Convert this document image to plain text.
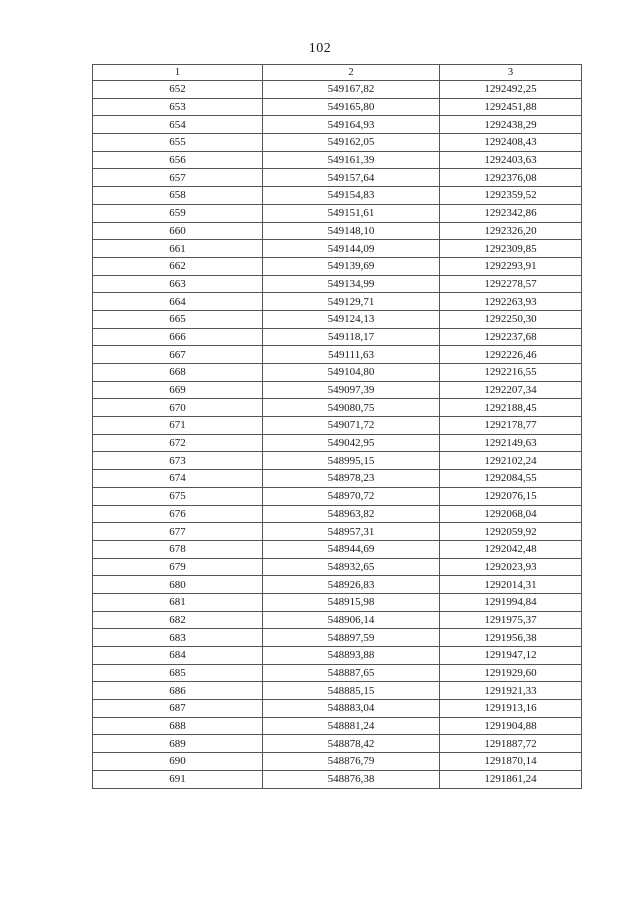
102
1	2	3
652	549167,82	1292492,25
653	549165,80	1292451,88
654	549164,93	1292438,29
655	549162,05	1292408,43
656	549161,39	1292403,63
657	549157,64	1292376,08
658	549154,83	1292359,52
659	549151,61	1292342,86
660	549148,10	1292326,20
661	549144,09	1292309,85
662	549139,69	1292293,91
663	549134,99	1292278,57
664	549129,71	1292263,93
665	549124,13	1292250,30
666	549118,17	1292237,68
667	549111,63	1292226,46
668	549104,80	1292216,55
669	549097,39	1292207,34
670	549080,75	1292188,45
671	549071,72	1292178,77
672	549042,95	1292149,63
673	548995,15	1292102,24
674	548978,23	1292084,55
675	548970,72	1292076,15
676	548963,82	1292068,04
677	548957,31	1292059,92
678	548944,69	1292042,48
679	548932,65	1292023,93
680	548926,83	1292014,31
681	548915,98	1291994,84
682	548906,14	1291975,37
683	548897,59	1291956,38
684	548893,88	1291947,12
685	548887,65	1291929,60
686	548885,15	1291921,33
687	548883,04	1291913,16
688	548881,24	1291904,88
689	548878,42	1291887,72
690	548876,79	1291870,14
691	548876,38	1291861,24
